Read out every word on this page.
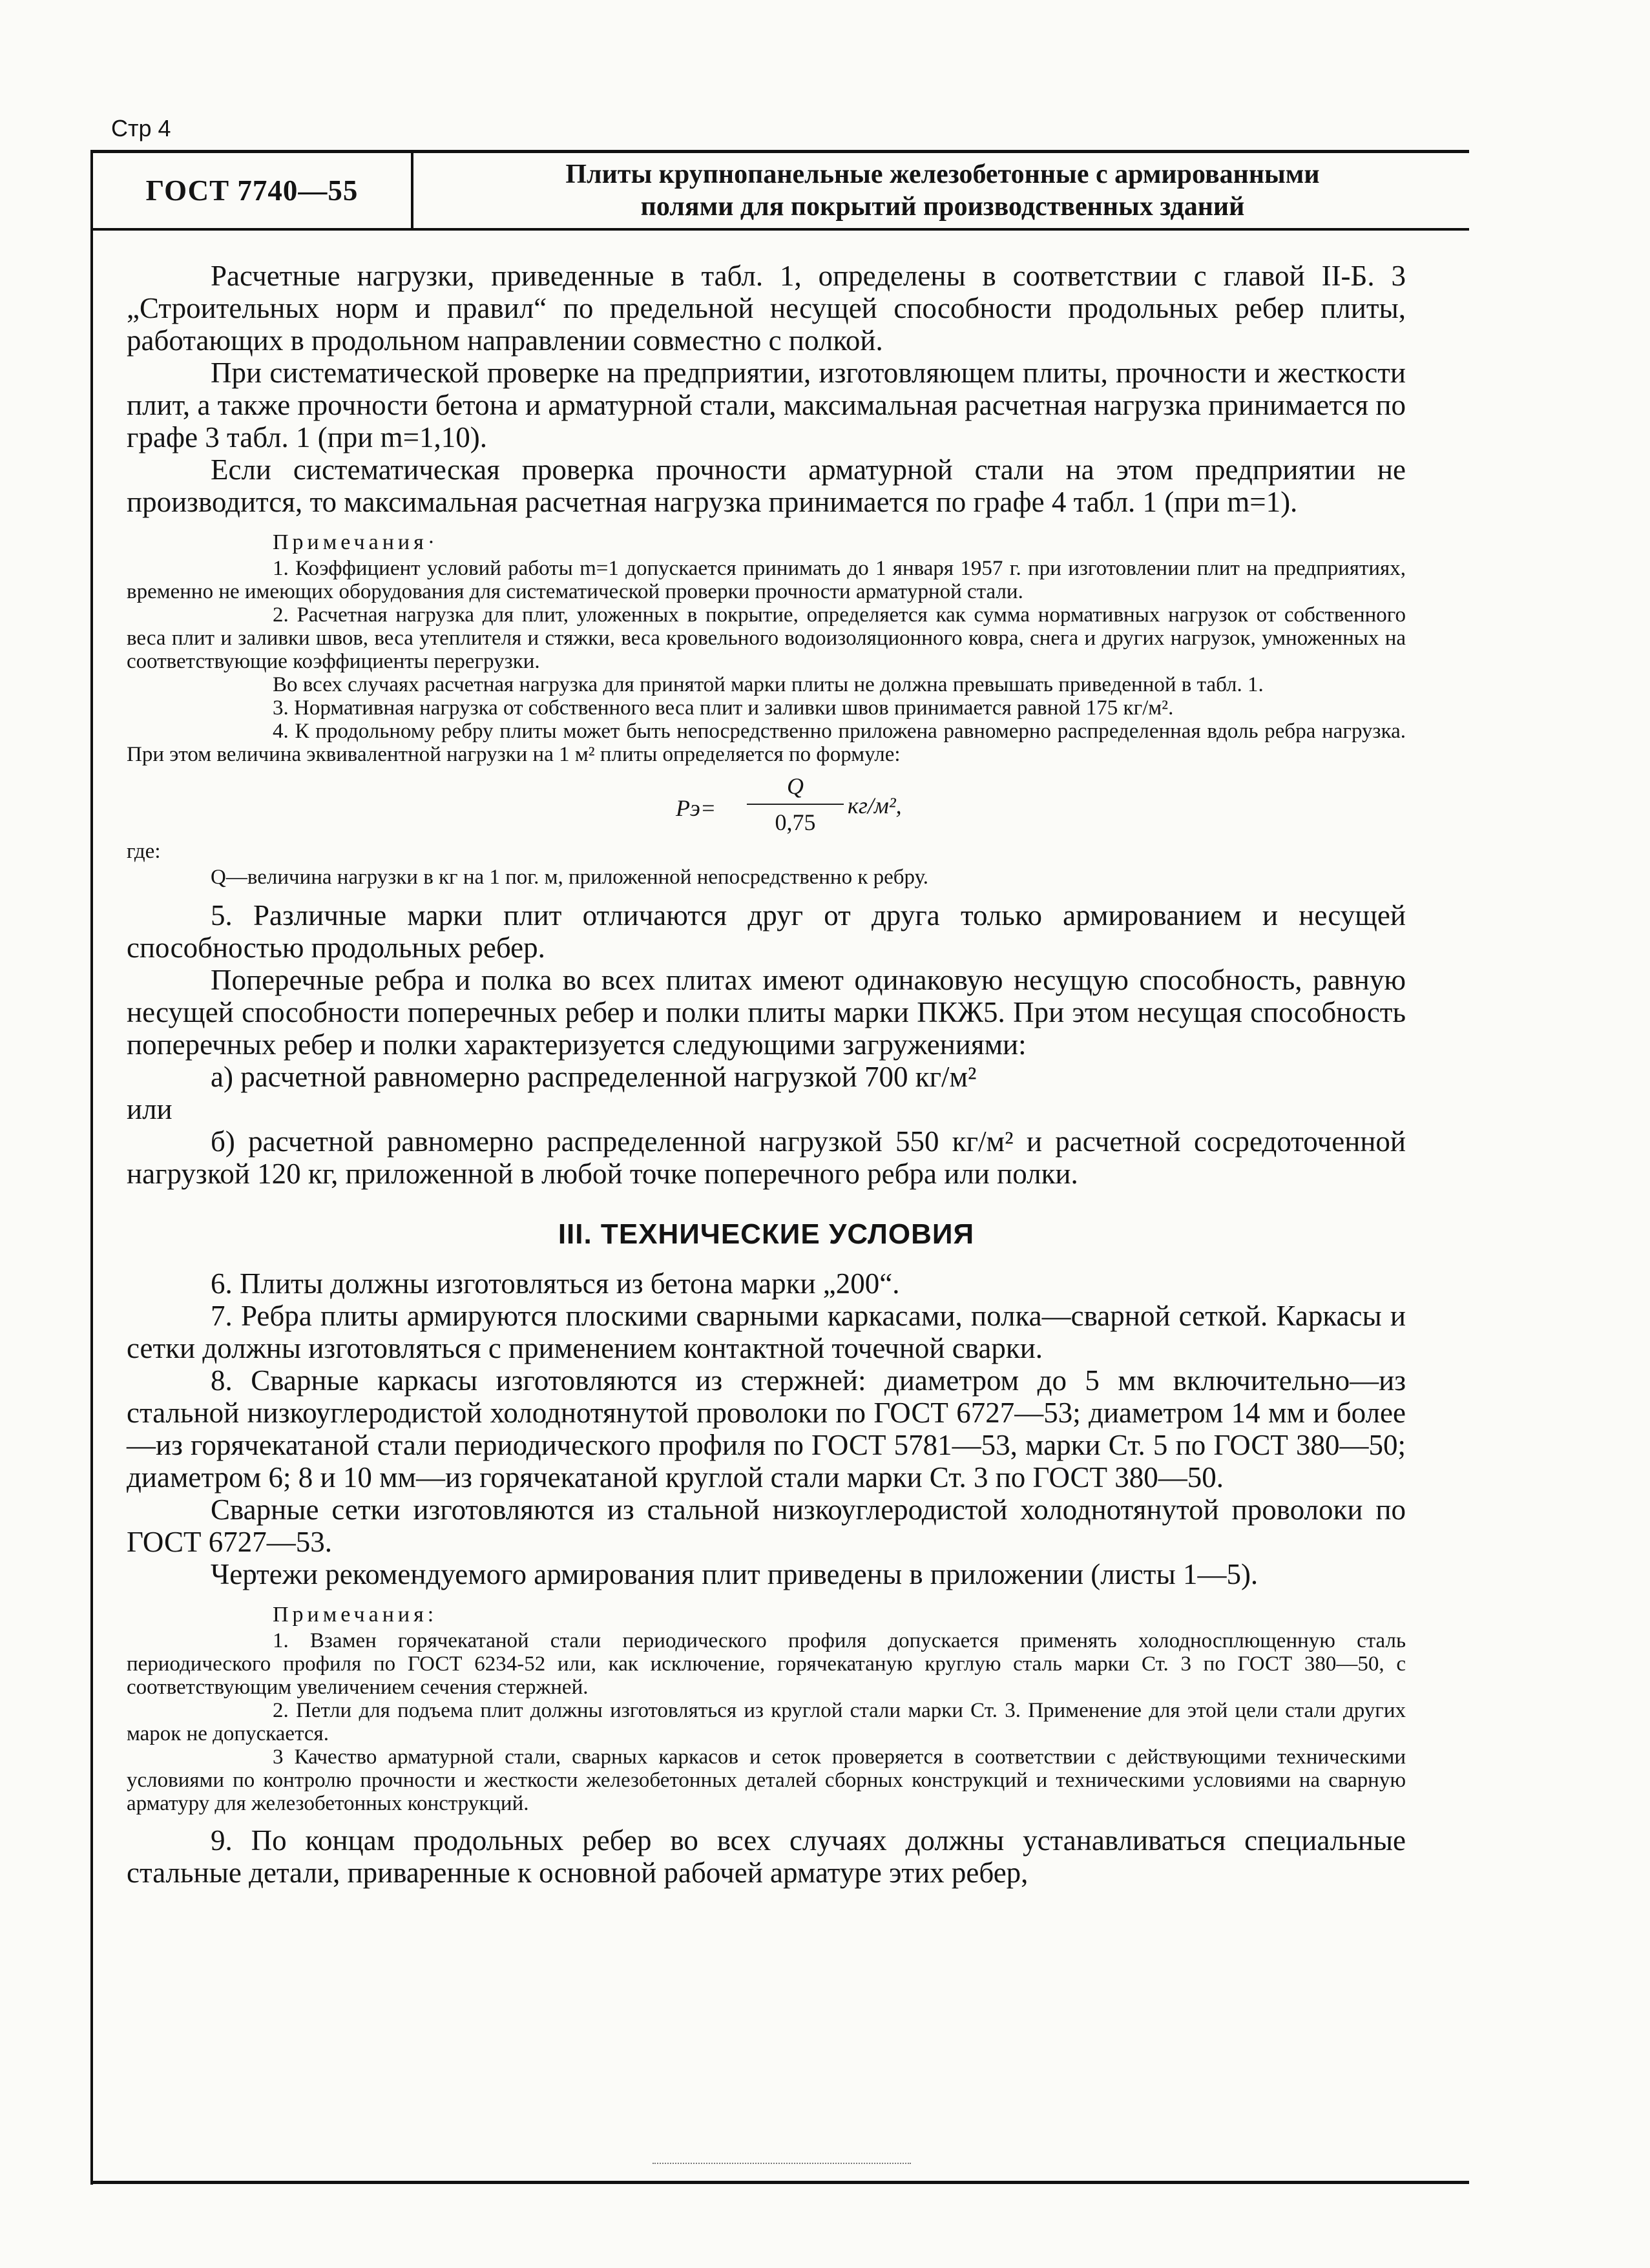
Стр 4
ГОСТ 7740—55	Плиты крупнопанельные железобетонные с армированными
полями для покрытий производственных зданий

Расчетные нагрузки, приведенные в табл. 1, определены в соответствии с главой II-Б. 3 „Строительных норм и правил“ по предельной несущей способности продольных ребер плиты, работающих в продольном направлении совместно с полкой.

При систематической проверке на предприятии, изготовляющем плиты, прочности и жесткости плит, а также прочности бетона и арматурной стали, максимальная расчетная нагрузка принимается по графе 3 табл. 1 (при m=1,10).

Если систематическая проверка прочности арматурной стали на этом предприятии не производится, то максимальная расчетная нагрузка принимается по графе 4 табл. 1 (при m=1).

Примечания·

1. Коэффициент условий работы m=1 допускается принимать до 1 января 1957 г. при изготовлении плит на предприятиях, временно не имеющих оборудования для систематической проверки прочности арматурной стали.

2. Расчетная нагрузка для плит, уложенных в покрытие, определяется как сумма нормативных нагрузок от собственного веса плит и заливки швов, веса утеплителя и стяжки, веса кровельного водоизоляционного ковра, снега и других нагрузок, умноженных на соответствующие коэффициенты перегрузки.

Во всех случаях расчетная нагрузка для принятой марки плиты не должна превышать приведенной в табл. 1.

3. Нормативная нагрузка от собственного веса плит и заливки швов принимается равной 175 кг/м².

4. К продольному ребру плиты может быть непосредственно приложена равномерно распределенная вдоль ребра нагрузка. При этом величина эквивалентной нагрузки на 1 м² плиты определяется по формуле:

Pэ=
Q
0,75
кг/м²,

где:

Q—величина нагрузки в кг на 1 пог. м, приложенной непосредственно к ребру.

5. Различные марки плит отличаются друг от друга только армированием и несущей способностью продольных ребер.

Поперечные ребра и полка во всех плитах имеют одинаковую несущую способность, равную несущей способности поперечных ребер и полки плиты марки ПКЖ5. При этом несущая способность поперечных ребер и полки характеризуется следующими загружениями:

а) расчетной равномерно распределенной нагрузкой 700 кг/м²

или

б) расчетной равномерно распределенной нагрузкой 550 кг/м² и расчетной сосредоточенной нагрузкой 120 кг, приложенной в любой точке поперечного ребра или полки.

III. ТЕХНИЧЕСКИЕ УСЛОВИЯ

6. Плиты должны изготовляться из бетона марки „200“.

7. Ребра плиты армируются плоскими сварными каркасами, полка—сварной сеткой. Каркасы и сетки должны изготовляться с применением контактной точечной сварки.

8. Сварные каркасы изготовляются из стержней: диаметром до 5 мм включительно—из стальной низкоуглеродистой холоднотянутой проволоки по ГОСТ 6727—53; диаметром 14 мм и более—из горячекатаной стали периодического профиля по ГОСТ 5781—53, марки Ст. 5 по ГОСТ 380—50; диаметром 6; 8 и 10 мм—из горячекатаной круглой стали марки Ст. 3 по ГОСТ 380—50.

Сварные сетки изготовляются из стальной низкоуглеродистой холоднотянутой проволоки по ГОСТ 6727—53.

Чертежи рекомендуемого армирования плит приведены в приложении (листы 1—5).

Примечания:

1. Взамен горячекатаной стали периодического профиля допускается применять холодносплющенную сталь периодического профиля по ГОСТ 6234-52 или, как исключение, горячекатаную круглую сталь марки Ст. 3 по ГОСТ 380—50, с соответствующим увеличением сечения стержней.

2. Петли для подъема плит должны изготовляться из круглой стали марки Ст. 3. Применение для этой цели стали других марок не допускается.

3 Качество арматурной стали, сварных каркасов и сеток проверяется в соответствии с действующими техническими условиями по контролю прочности и жесткости железобетонных деталей сборных конструкций и техническими условиями на сварную арматуру для железобетонных конструкций.

9. По концам продольных ребер во всех случаях должны устанавливаться специальные стальные детали, приваренные к основной рабочей арматуре этих ребер,
